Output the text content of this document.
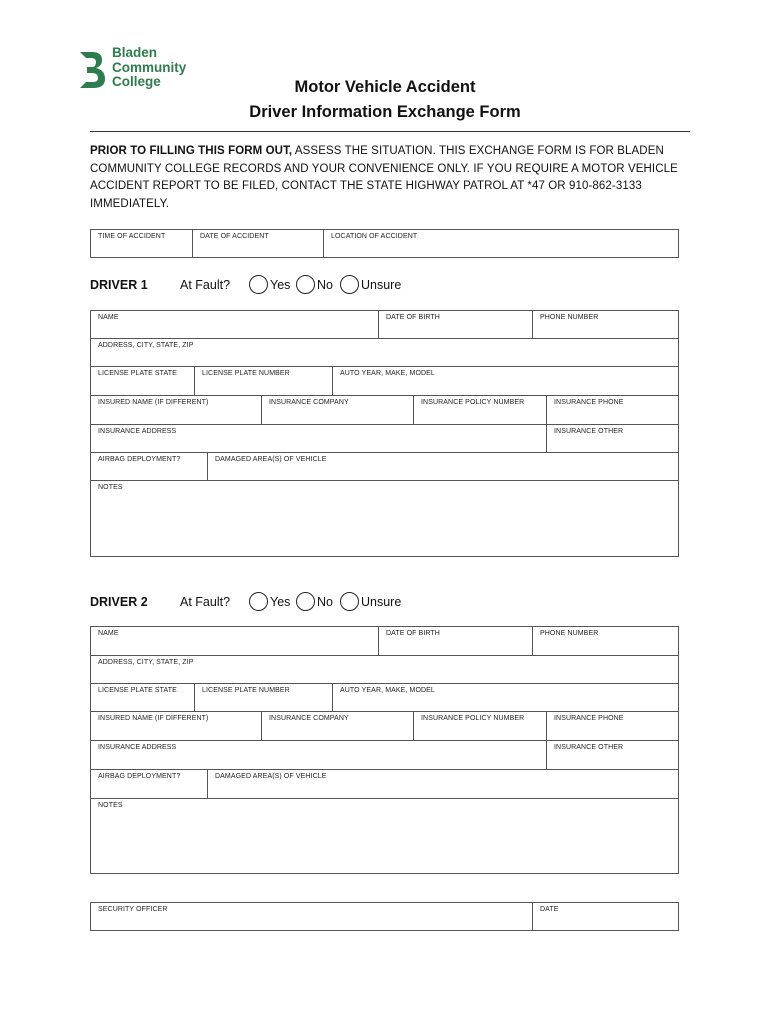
Bladen
Community
College	Motor Vehicle Accident
Driver Information Exchange Form
PRIOR TO FILLING THIS FORM OUT, ASSESS THE SITUATION. THIS EXCHANGE FORM IS FOR BLADEN COMMUNITY COLLEGE RECORDS AND YOUR CONVENIENCE ONLY. IF YOU REQUIRE A MOTOR VEHICLE ACCIDENT REPORT TO BE FILED, CONTACT THE STATE HIGHWAY PATROL AT *47 OR 910-862-3133 IMMEDIATELY.
TIME OF ACCIDENT	DATE OF ACCIDENT	LOCATION OF ACCIDENT
DRIVER 1	At Fault?	Yes No Unsure
NAME	DATE OF BIRTH	PHONE NUMBER
ADDRESS, CITY, STATE, ZIP
LICENSE PLATE STATE	LICENSE PLATE NUMBER	AUTO YEAR, MAKE, MODEL
INSURED NAME (IF DIFFERENT)	INSURANCE COMPANY	INSURANCE POLICY NUMBER	INSURANCE PHONE
INSURANCE ADDRESS	INSURANCE OTHER
AIRBAG DEPLOYMENT?	DAMAGED AREA(S) OF VEHICLE
NOTES
DRIVER 2	At Fault?	Yes No Unsure
NAME	DATE OF BIRTH	PHONE NUMBER
ADDRESS, CITY, STATE, ZIP
LICENSE PLATE STATE	LICENSE PLATE NUMBER	AUTO YEAR, MAKE, MODEL
INSURED NAME (IF DIFFERENT)	INSURANCE COMPANY	INSURANCE POLICY NUMBER	INSURANCE PHONE
INSURANCE ADDRESS	INSURANCE OTHER
AIRBAG DEPLOYMENT?	DAMAGED AREA(S) OF VEHICLE
NOTES
SECURITY OFFICER	DATE
